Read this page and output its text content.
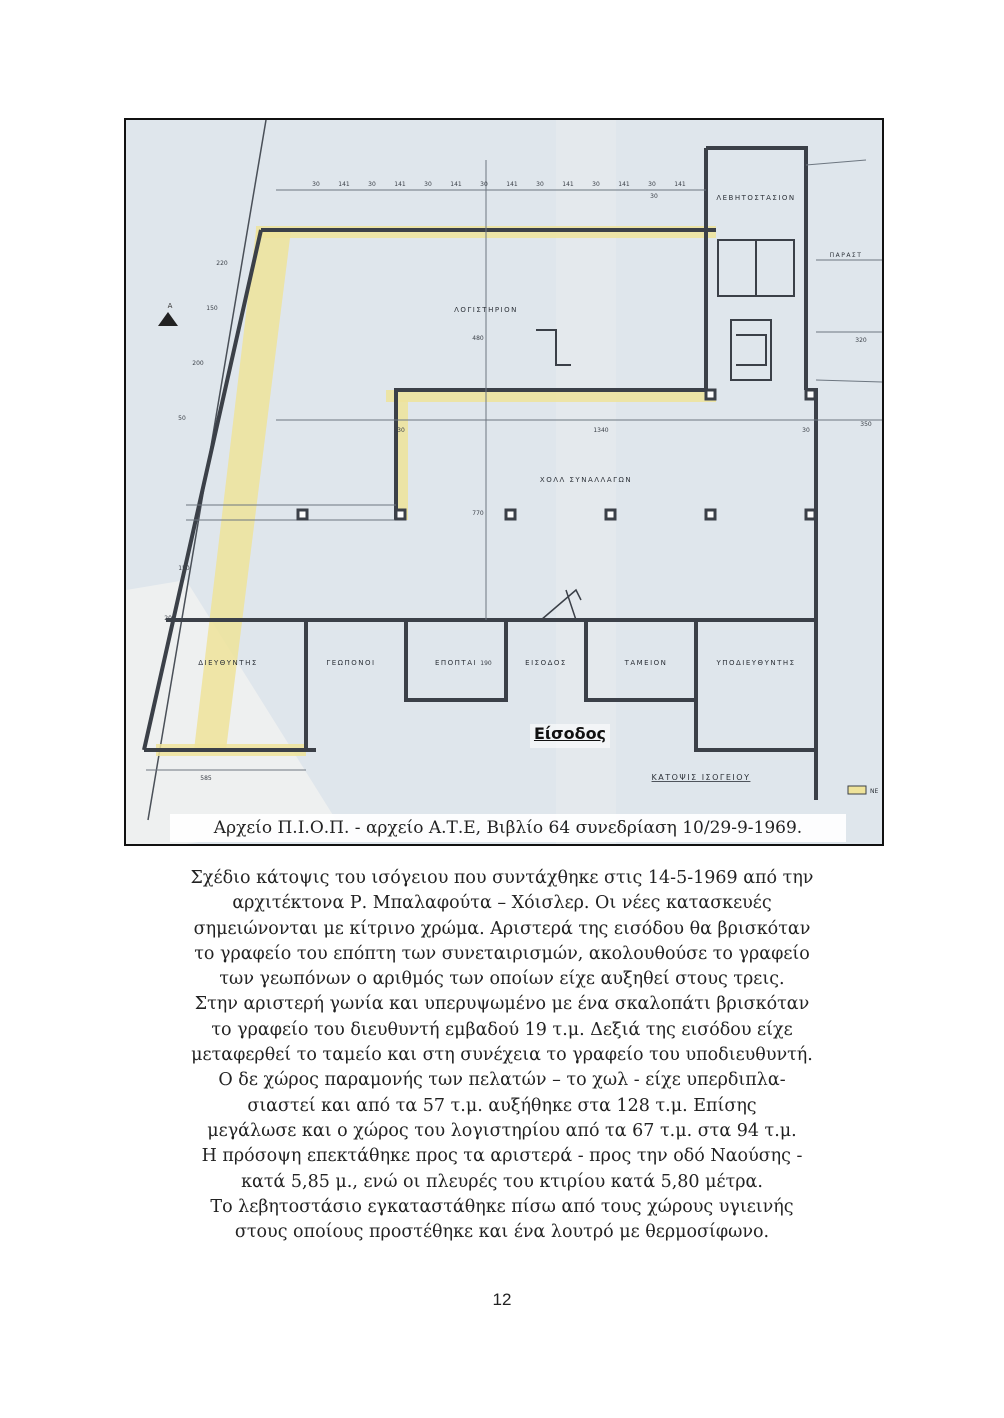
A
ΛΕΒΗΤΟΣΤΑΣΙΟΝ
ΛΟΓΙΣΤΗΡΙΟΝ
ΧΟΛΛ ΣΥΝΑΛΛΑΓΩΝ
ΔΙΕΥΘΥΝΤΗΣ	ΓΕΩΠΟΝΟΙ	ΕΠΟΠΤΑΙ	ΕΙΣΟΔΟΣ	ΤΑΜΕΙΟΝ	ΥΠΟΔΙΕΥΘΥΝΤΗΣ
ΚΑΤΟΨΙΣ ΙΣΟΓΕΙΟΥ
ΠΑΡΑΣΤ
30	141	30	141	30	141	30	141	30	141	30	141	30	141
220
150
200
150
200
50
480
770
1340
30	30
30
350
320
585
190
ΝΕ
Είσοδος
Αρχείο Π.Ι.Ο.Π. - αρχείο Α.Τ.Ε, Βιβλίο 64 συνεδρίαση 10/29-9-1969.
Σχέδιο κάτοψις του ισόγειου που συντάχθηκε στις 14-5-1969 από την
αρχιτέκτονα Ρ. Μπαλαφούτα – Χόισλερ. Οι νέες κατασκευές
σημειώνονται με κίτρινο χρώμα. Αριστερά της εισόδου θα βρισκόταν
το γραφείο του επόπτη των συνεταιρισμών, ακολουθούσε το γραφείο
των γεωπόνων ο αριθμός των οποίων είχε αυξηθεί στους τρεις.
Στην αριστερή γωνία και υπερυψωμένο με ένα σκαλοπάτι βρισκόταν
το γραφείο του διευθυντή εμβαδού 19 τ.μ. Δεξιά της εισόδου είχε
μεταφερθεί το ταμείο και στη συνέχεια το γραφείο του υποδιευθυντή.
Ο δε χώρος παραμονής των πελατών – το χωλ - είχε υπερδιπλα-
σιαστεί και από τα 57 τ.μ. αυξήθηκε στα 128 τ.μ. Επίσης
μεγάλωσε και ο χώρος του λογιστηρίου από τα 67 τ.μ. στα 94 τ.μ.
Η πρόσοψη επεκτάθηκε προς τα αριστερά - προς την οδό Ναούσης -
κατά 5,85 μ., ενώ οι πλευρές του κτιρίου κατά 5,80 μέτρα.
Το λεβητοστάσιο εγκαταστάθηκε πίσω από τους χώρους υγιεινής
στους οποίους προστέθηκε και ένα λουτρό με θερμοσίφωνο.
12
